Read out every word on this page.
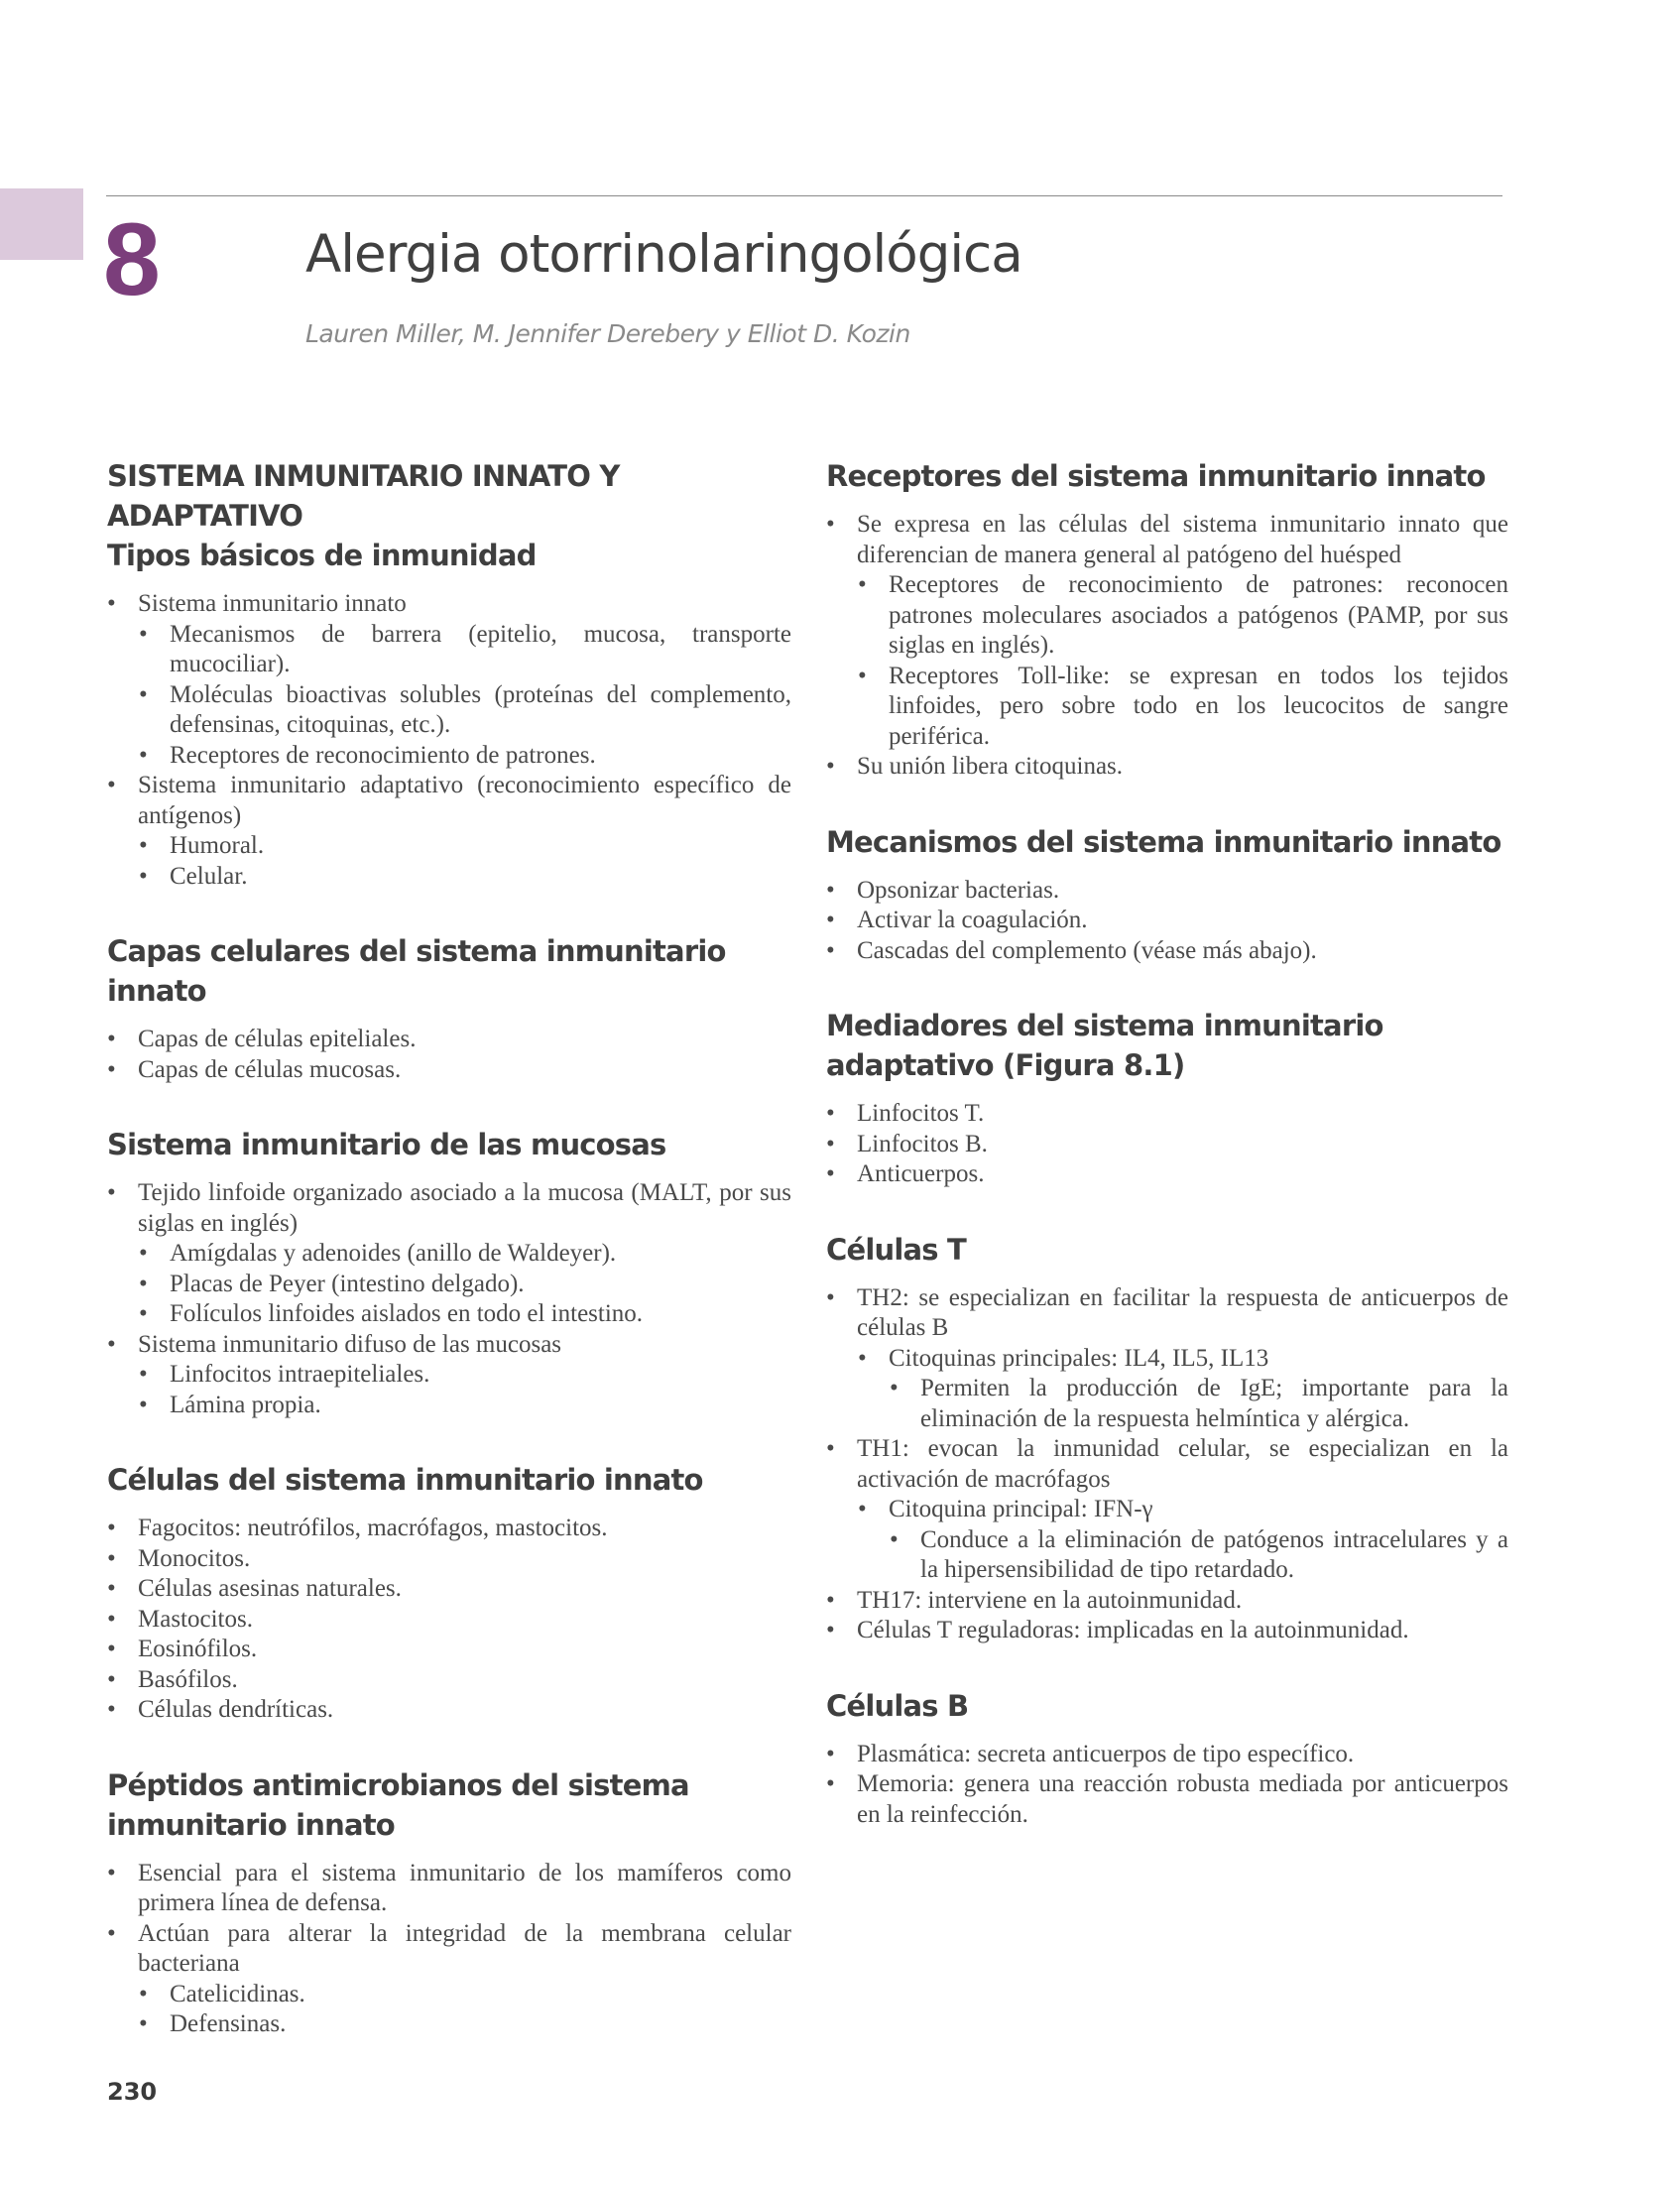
8	Alergia otorrinolaringológica
Lauren Miller, M. Jennifer Derebery y Elliot D. Kozin
SISTEMA INMUNITARIO INNATO Y ADAPTATIVO
Tipos básicos de inmunidad
• Sistema inmunitario innato
• Mecanismos de barrera (epitelio, mucosa, transporte mucociliar).
• Moléculas bioactivas solubles (proteínas del complemento, defensinas, citoquinas, etc.).
• Receptores de reconocimiento de patrones.
• Sistema inmunitario adaptativo (reconocimiento específico de antígenos)
• Humoral.
• Celular.
Capas celulares del sistema inmunitario innato
• Capas de células epiteliales.
• Capas de células mucosas.
Sistema inmunitario de las mucosas
• Tejido linfoide organizado asociado a la mucosa (MALT, por sus siglas en inglés)
• Amígdalas y adenoides (anillo de Waldeyer).
• Placas de Peyer (intestino delgado).
• Folículos linfoides aislados en todo el intestino.
• Sistema inmunitario difuso de las mucosas
• Linfocitos intraepiteliales.
• Lámina propia.
Células del sistema inmunitario innato
• Fagocitos: neutrófilos, macrófagos, mastocitos.
• Monocitos.
• Células asesinas naturales.
• Mastocitos.
• Eosinófilos.
• Basófilos.
• Células dendríticas.
Péptidos antimicrobianos del sistema inmunitario innato
• Esencial para el sistema inmunitario de los mamíferos como primera línea de defensa.
• Actúan para alterar la integridad de la membrana celular bacteriana
• Catelicidinas.
• Defensinas.
Receptores del sistema inmunitario innato
• Se expresa en las células del sistema inmunitario innato que diferencian de manera general al patógeno del huésped
• Receptores de reconocimiento de patrones: reconocen patrones moleculares asociados a patógenos (PAMP, por sus siglas en inglés).
• Receptores Toll-like: se expresan en todos los tejidos linfoides, pero sobre todo en los leucocitos de sangre periférica.
• Su unión libera citoquinas.
Mecanismos del sistema inmunitario innato
• Opsonizar bacterias.
• Activar la coagulación.
• Cascadas del complemento (véase más abajo).
Mediadores del sistema inmunitario adaptativo (Figura 8.1)
• Linfocitos T.
• Linfocitos B.
• Anticuerpos.
Células T
• TH2: se especializan en facilitar la respuesta de anticuerpos de células B
• Citoquinas principales: IL4, IL5, IL13
• Permiten la producción de IgE; importante para la eliminación de la respuesta helmíntica y alérgica.
• TH1: evocan la inmunidad celular, se especializan en la activación de macrófagos
• Citoquina principal: IFN-γ
• Conduce a la eliminación de patógenos intracelulares y a la hipersensibilidad de tipo retardado.
• TH17: interviene en la autoinmunidad.
• Células T reguladoras: implicadas en la autoinmunidad.
Células B
• Plasmática: secreta anticuerpos de tipo específico.
• Memoria: genera una reacción robusta mediada por anticuerpos en la reinfección.
230
